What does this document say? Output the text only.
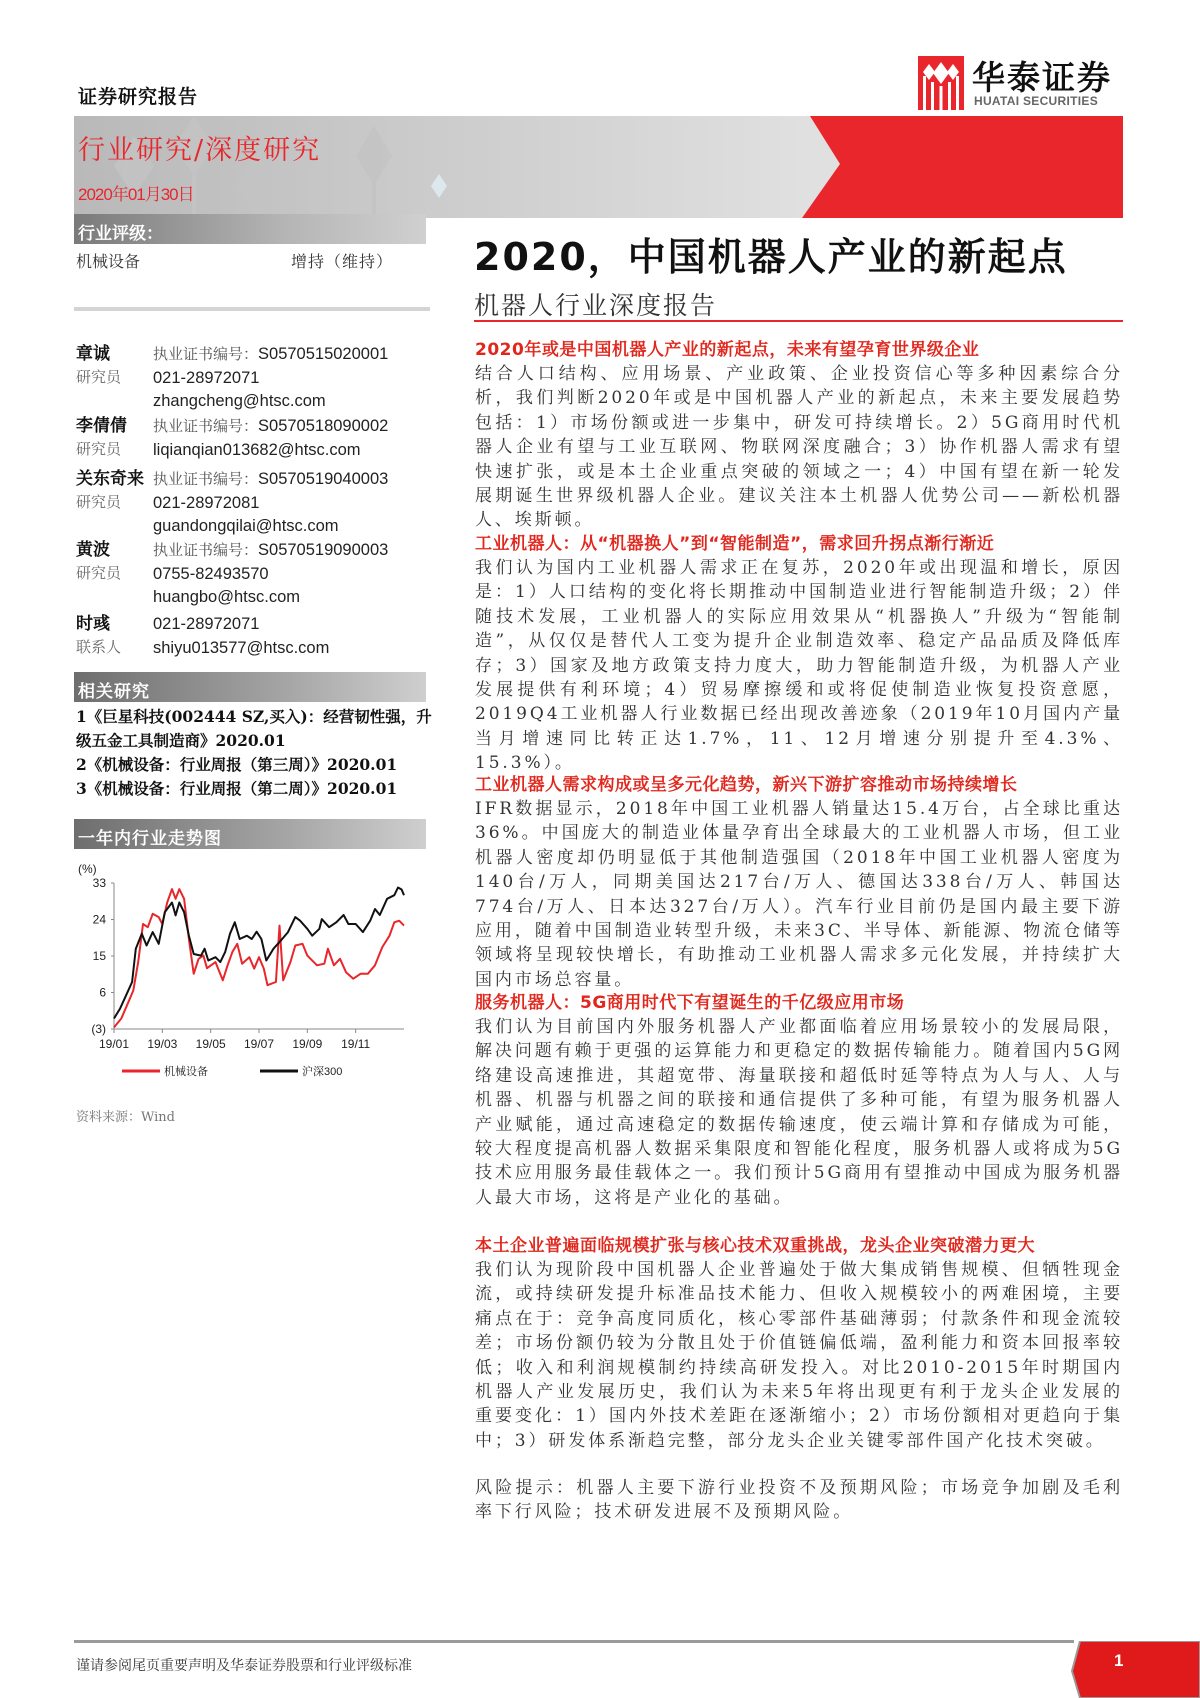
证券研究报告	华泰证券
HUATAI SECURITIES
行业研究/深度研究
2020年01月30日
行业评级：
机械设备	增持（维持） 2020，中国机器人产业的新起点
机器人行业深度报告
章诚
研究员
执业证书编号：S0570515020001
021-28972071
zhangcheng@htsc.com
李倩倩
研究员
执业证书编号：S0570518090002
liqianqian013682@htsc.com
关东奇来
研究员
执业证书编号：S0570519040003
021-28972081
guandongqilai@htsc.com
黄波
研究员
执业证书编号：S0570519090003
0755-82493570
huangbo@htsc.com
时彧
联系人
021-28972071
shiyu013577@htsc.com
相关研究
1《巨星科技(002444 SZ,买入)：经营韧性强，升级五金工具制造商》2020.01
2《机械设备：行业周报（第三周）》2020.01
3《机械设备：行业周报（第二周）》2020.01
一年内行业走势图
(%)
33
24
15
6
(3)
19/01 19/03 19/05 19/07 19/09 19/11
机械设备	沪深300
资料来源：Wind
2020年或是中国机器人产业的新起点，未来有望孕育世界级企业

结合人口结构、应用场景、产业政策、企业投资信心等多种因素综合分析，我们判断2020年或是中国机器人产业的新起点，未来主要发展趋势包括：1）市场份额或进一步集中，研发可持续增长。2）5G商用时代机器人企业有望与工业互联网、物联网深度融合；3）协作机器人需求有望快速扩张，或是本土企业重点突破的领域之一；4）中国有望在新一轮发展期诞生世界级机器人企业。建议关注本土机器人优势公司——新松机器人、埃斯顿。

工业机器人：从“机器换人”到“智能制造”，需求回升拐点渐行渐近

我们认为国内工业机器人需求正在复苏，2020年或出现温和增长，原因是：1）人口结构的变化将长期推动中国制造业进行智能制造升级；2）伴随技术发展，工业机器人的实际应用效果从“机器换人”升级为“智能制造”，从仅仅是替代人工变为提升企业制造效率、稳定产品品质及降低库存；3）国家及地方政策支持力度大，助力智能制造升级，为机器人产业发展提供有利环境；4）贸易摩擦缓和或将促使制造业恢复投资意愿，2019Q4工业机器人行业数据已经出现改善迹象（2019年10月国内产量当月增速同比转正达1.7%，11、12月增速分别提升至4.3%、15.3%）。

工业机器人需求构成或呈多元化趋势，新兴下游扩容推动市场持续增长

IFR数据显示，2018年中国工业机器人销量达15.4万台，占全球比重达36%。中国庞大的制造业体量孕育出全球最大的工业机器人市场，但工业机器人密度却仍明显低于其他制造强国（2018年中国工业机器人密度为140台/万人，同期美国达217台/万人、德国达338台/万人、韩国达774台/万人、日本达327台/万人）。汽车行业目前仍是国内最主要下游应用，随着中国制造业转型升级，未来3C、半导体、新能源、物流仓储等领域将呈现较快增长，有助推动工业机器人需求多元化发展，并持续扩大国内市场总容量。

服务机器人：5G商用时代下有望诞生的千亿级应用市场

我们认为目前国内外服务机器人产业都面临着应用场景较小的发展局限，解决问题有赖于更强的运算能力和更稳定的数据传输能力。随着国内5G网络建设高速推进，其超宽带、海量联接和超低时延等特点为人与人、人与机器、机器与机器之间的联接和通信提供了多种可能，有望为服务机器人产业赋能，通过高速稳定的数据传输速度，使云端计算和存储成为可能，较大程度提高机器人数据采集限度和智能化程度，服务机器人或将成为5G技术应用服务最佳载体之一。我们预计5G商用有望推动中国成为服务机器人最大市场，这将是产业化的基础。

本土企业普遍面临规模扩张与核心技术双重挑战，龙头企业突破潜力更大

我们认为现阶段中国机器人企业普遍处于做大集成销售规模、但牺牲现金流，或持续研发提升标准品技术能力、但收入规模较小的两难困境，主要痛点在于：竞争高度同质化，核心零部件基础薄弱；付款条件和现金流较差；市场份额仍较为分散且处于价值链偏低端，盈利能力和资本回报率较低；收入和利润规模制约持续高研发投入。对比2010-2015年时期国内机器人产业发展历史，我们认为未来5年将出现更有利于龙头企业发展的重要变化：1）国内外技术差距在逐渐缩小；2）市场份额相对更趋向于集中；3）研发体系渐趋完整，部分龙头企业关键零部件国产化技术突破。

风险提示：机器人主要下游行业投资不及预期风险；市场竞争加剧及毛利率下行风险；技术研发进展不及预期风险。

谨请参阅尾页重要声明及华泰证券股票和行业评级标准	1
